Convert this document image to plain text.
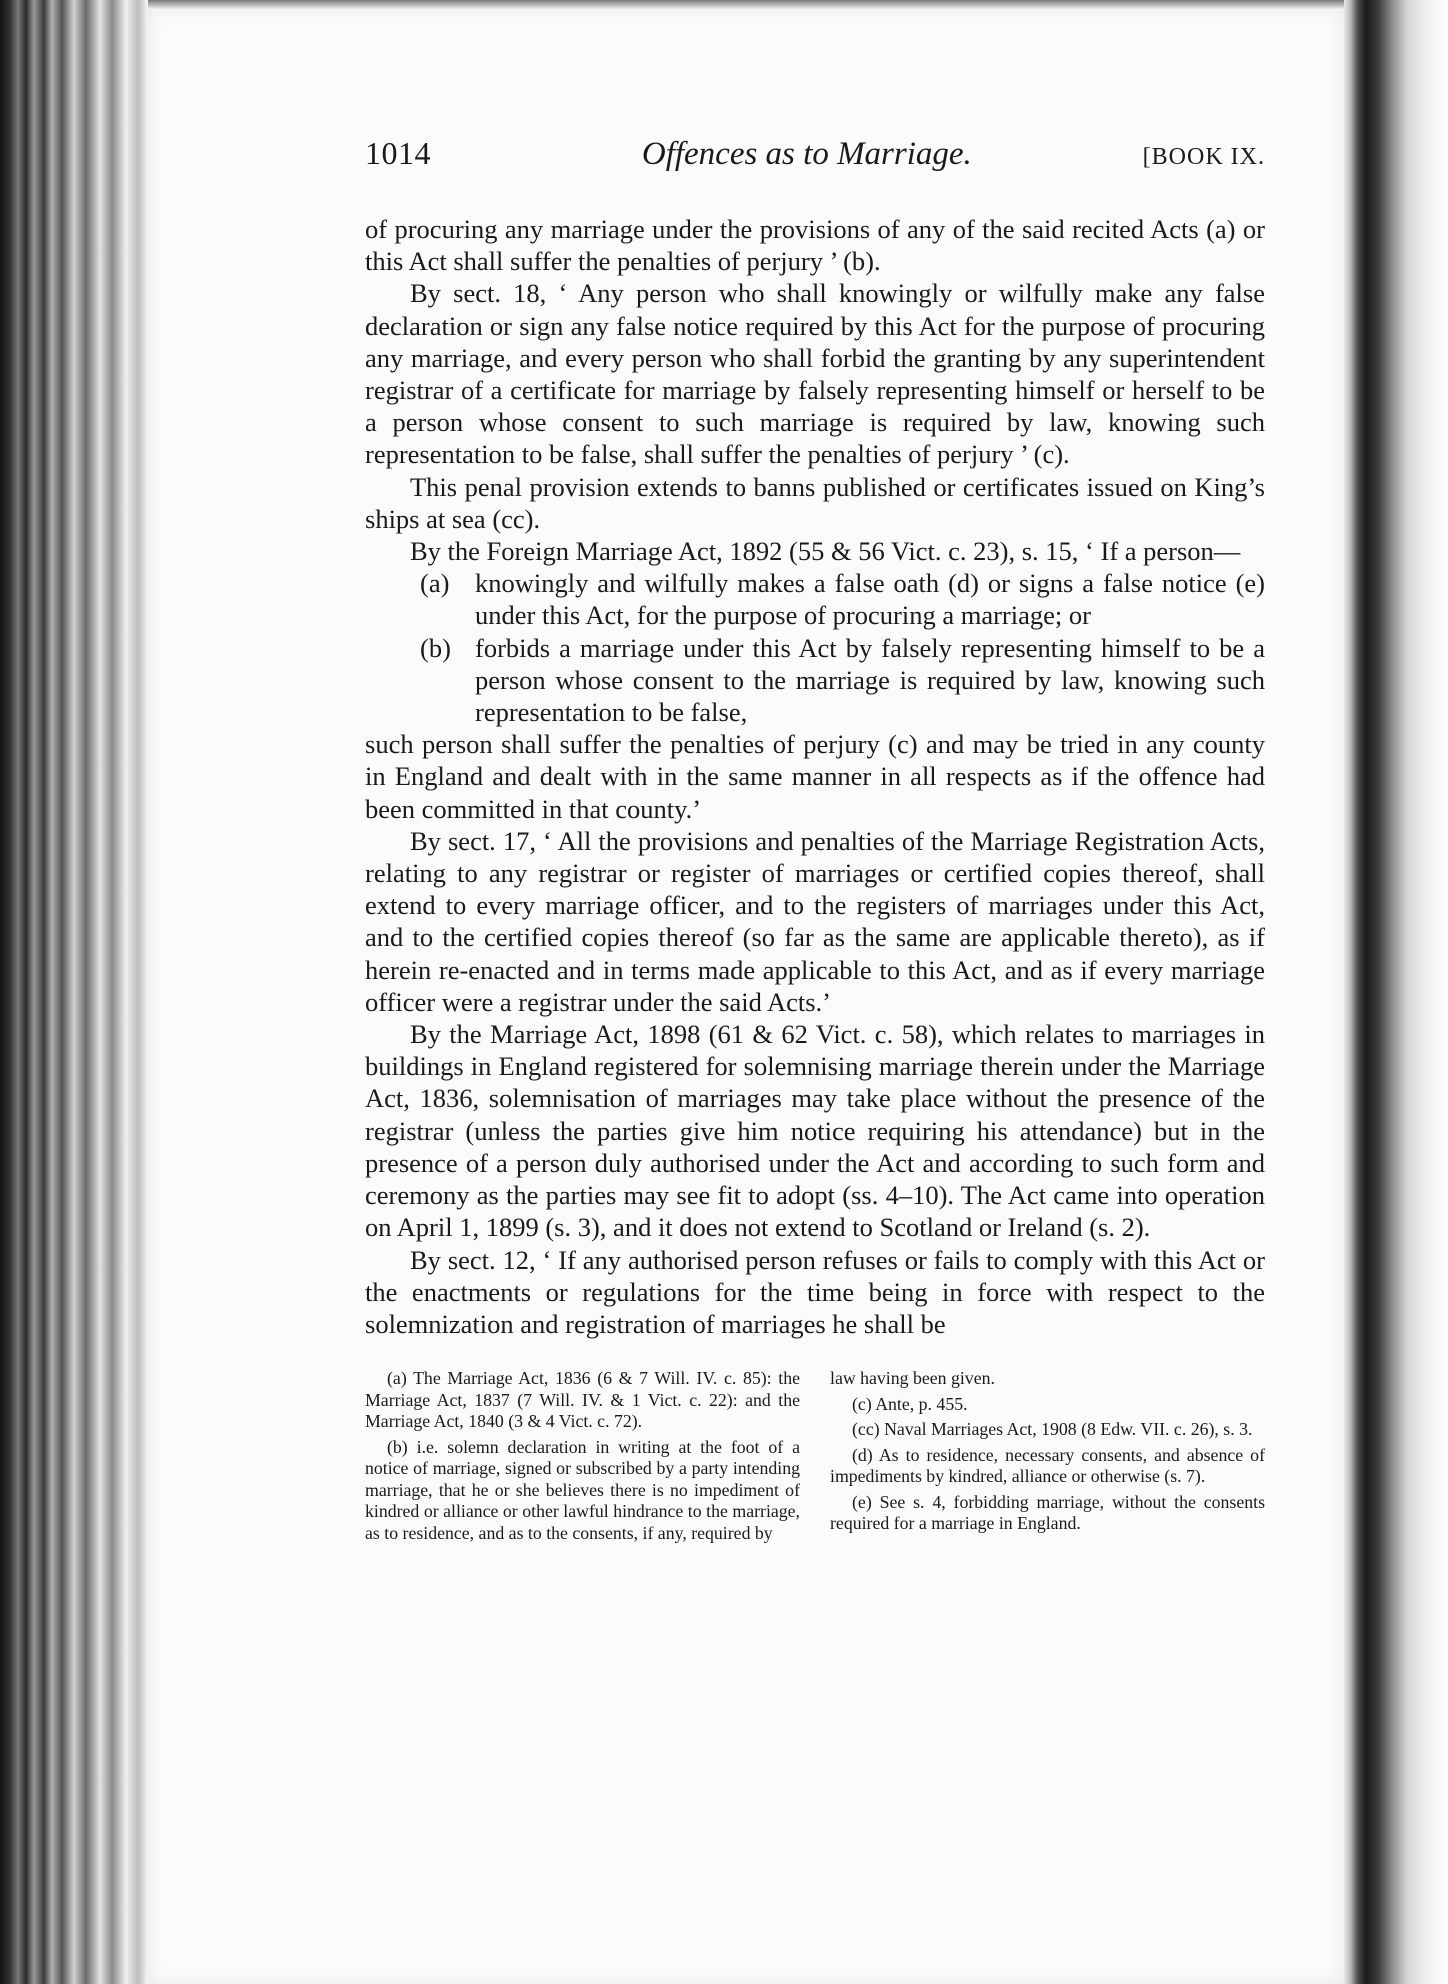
1014	Offences as to Marriage.	[BOOK IX.

of procuring any marriage under the provisions of any of the said recited Acts (a) or this Act shall suffer the penalties of perjury ’ (b).

By sect. 18, ‘ Any person who shall knowingly or wilfully make any false declaration or sign any false notice required by this Act for the purpose of procuring any marriage, and every person who shall forbid the granting by any superintendent registrar of a certificate for marriage by falsely representing himself or herself to be a person whose consent to such marriage is required by law, knowing such representation to be false, shall suffer the penalties of perjury ’ (c).

This penal provision extends to banns published or certificates issued on King’s ships at sea (cc).

By the Foreign Marriage Act, 1892 (55 & 56 Vict. c. 23), s. 15, ‘ If a person—

(a) knowingly and wilfully makes a false oath (d) or signs a false notice (e) under this Act, for the purpose of procuring a marriage; or
(b) forbids a marriage under this Act by falsely representing himself to be a person whose consent to the marriage is required by law, knowing such representation to be false,

such person shall suffer the penalties of perjury (c) and may be tried in any county in England and dealt with in the same manner in all respects as if the offence had been committed in that county.’

By sect. 17, ‘ All the provisions and penalties of the Marriage Registration Acts, relating to any registrar or register of marriages or certified copies thereof, shall extend to every marriage officer, and to the registers of marriages under this Act, and to the certified copies thereof (so far as the same are applicable thereto), as if herein re-enacted and in terms made applicable to this Act, and as if every marriage officer were a registrar under the said Acts.’

By the Marriage Act, 1898 (61 & 62 Vict. c. 58), which relates to marriages in buildings in England registered for solemnising marriage therein under the Marriage Act, 1836, solemnisation of marriages may take place without the presence of the registrar (unless the parties give him notice requiring his attendance) but in the presence of a person duly authorised under the Act and according to such form and ceremony as the parties may see fit to adopt (ss. 4–10). The Act came into operation on April 1, 1899 (s. 3), and it does not extend to Scotland or Ireland (s. 2).

By sect. 12, ‘ If any authorised person refuses or fails to comply with this Act or the enactments or regulations for the time being in force with respect to the solemnization and registration of marriages he shall be

(a) The Marriage Act, 1836 (6 & 7 Will. IV. c. 85): the Marriage Act, 1837 (7 Will. IV. & 1 Vict. c. 22): and the Marriage Act, 1840 (3 & 4 Vict. c. 72).

(b) i.e. solemn declaration in writing at the foot of a notice of marriage, signed or subscribed by a party intending marriage, that he or she believes there is no impediment of kindred or alliance or other lawful hindrance to the marriage, as to residence, and as to the consents, if any, required by

law having been given.

(c) Ante, p. 455.

(cc) Naval Marriages Act, 1908 (8 Edw. VII. c. 26), s. 3.

(d) As to residence, necessary consents, and absence of impediments by kindred, alliance or otherwise (s. 7).

(e) See s. 4, forbidding marriage, without the consents required for a marriage in England.
